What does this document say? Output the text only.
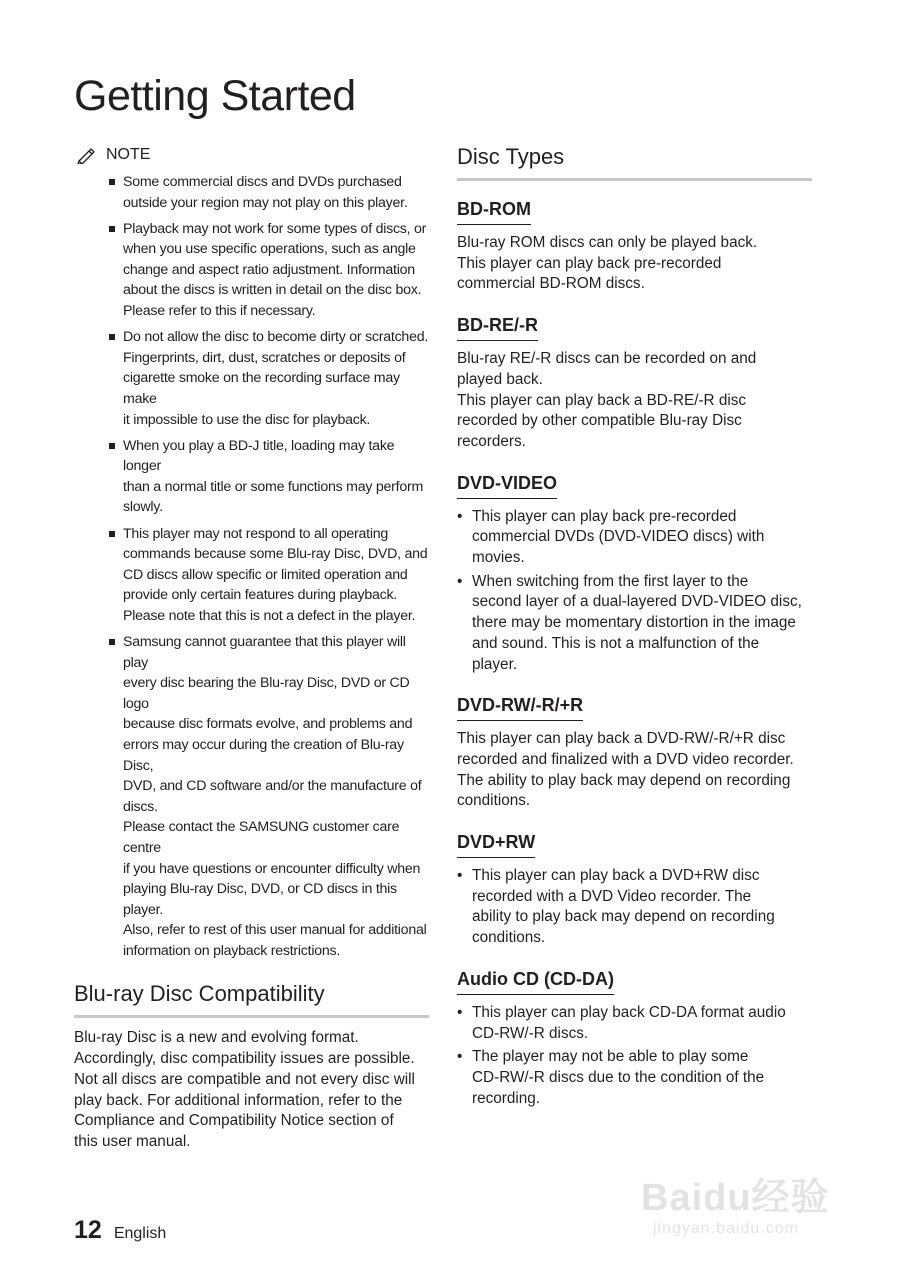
Getting Started
NOTE
Some commercial discs and DVDs purchased
outside your region may not play on this player.
Playback may not work for some types of discs, or
when you use specific operations, such as angle
change and aspect ratio adjustment. Information
about the discs is written in detail on the disc box.
Please refer to this if necessary.
Do not allow the disc to become dirty or scratched.
Fingerprints, dirt, dust, scratches or deposits of
cigarette smoke on the recording surface may make
it impossible to use the disc for playback.
When you play a BD-J title, loading may take longer
than a normal title or some functions may perform
slowly.
This player may not respond to all operating
commands because some Blu-ray Disc, DVD, and
CD discs allow specific or limited operation and
provide only certain features during playback.
Please note that this is not a defect in the player.
Samsung cannot guarantee that this player will play
every disc bearing the Blu-ray Disc, DVD or CD logo
because disc formats evolve, and problems and
errors may occur during the creation of Blu-ray Disc,
DVD, and CD software and/or the manufacture of
discs.
Please contact the SAMSUNG customer care centre
if you have questions or encounter difficulty when
playing Blu-ray Disc, DVD, or CD discs in this player.
Also, refer to rest of this user manual for additional
information on playback restrictions.
Blu-ray Disc Compatibility

Blu-ray Disc is a new and evolving format.
Accordingly, disc compatibility issues are possible.
Not all discs are compatible and not every disc will
play back. For additional information, refer to the
Compliance and Compatibility Notice section of
this user manual.

Disc Types
BD-ROM

Blu-ray ROM discs can only be played back.
This player can play back pre-recorded
commercial BD-ROM discs.

BD-RE/-R

Blu-ray RE/-R discs can be recorded on and
played back.
This player can play back a BD-RE/-R disc
recorded by other compatible Blu-ray Disc
recorders.

DVD-VIDEO
• This player can play back pre-recorded
commercial DVDs (DVD-VIDEO discs) with
movies.
• When switching from the first layer to the
second layer of a dual-layered DVD-VIDEO disc,
there may be momentary distortion in the image
and sound. This is not a malfunction of the
player.
DVD-RW/-R/+R

This player can play back a DVD-RW/-R/+R disc
recorded and finalized with a DVD video recorder.
The ability to play back may depend on recording
conditions.

DVD+RW
• This player can play back a DVD+RW disc
recorded with a DVD Video recorder. The
ability to play back may depend on recording
conditions.
Audio CD (CD-DA)
• This player can play back CD-DA format audio
CD-RW/-R discs.
• The player may not be able to play some
CD-RW/-R discs due to the condition of the
recording.
12 English
Baidu经验
jingyan.baidu.com
